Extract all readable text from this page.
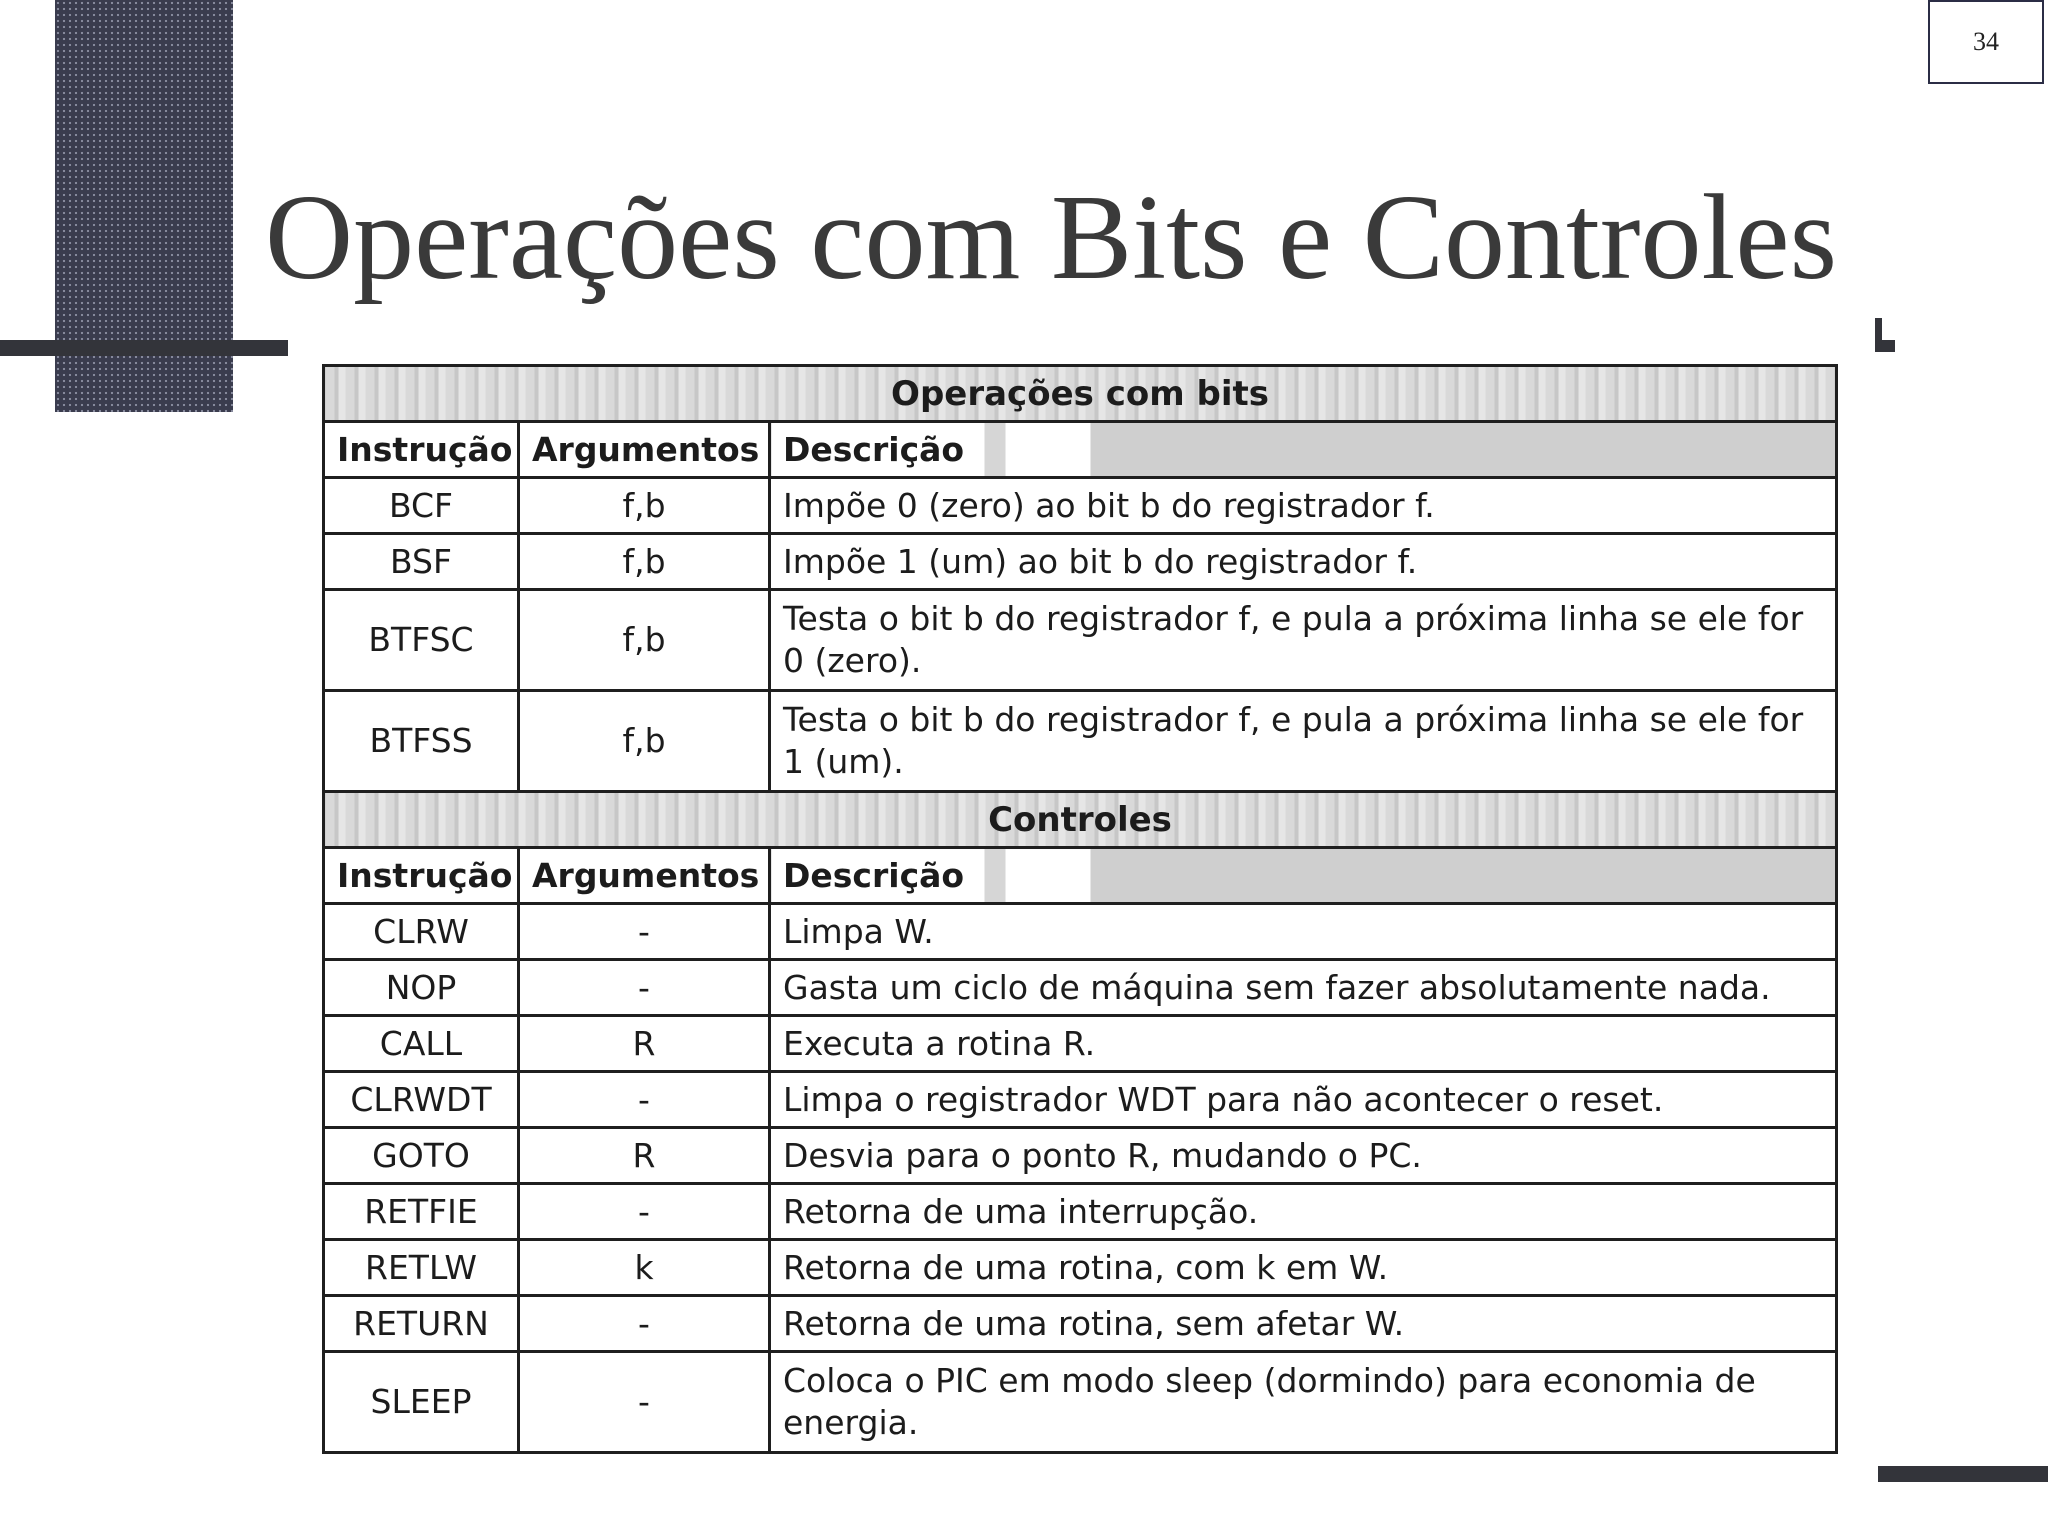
34
Operações com Bits e Controles
Operações com bits		
Instrução	Argumentos	Descrição
BCF	f,b	Impõe 0 (zero) ao bit b do registrador f.
BSF	f,b	Impõe 1 (um) ao bit b do registrador f.
BTFSC	f,b	Testa o bit b do registrador f, e pula a próxima linha se ele for 0 (zero).
BTFSS	f,b	Testa o bit b do registrador f, e pula a próxima linha se ele for 1 (um).
Controles		
Instrução	Argumentos	Descrição
CLRW	-	Limpa W.
NOP	-	Gasta um ciclo de máquina sem fazer absolutamente nada.
CALL	R	Executa a rotina R.
CLRWDT	-	Limpa o registrador WDT para não acontecer o reset.
GOTO	R	Desvia para o ponto R, mudando o PC.
RETFIE	-	Retorna de uma interrupção.
RETLW	k	Retorna de uma rotina, com k em W.
RETURN	-	Retorna de uma rotina, sem afetar W.
SLEEP	-	Coloca o PIC em modo sleep (dormindo) para economia de energia.
